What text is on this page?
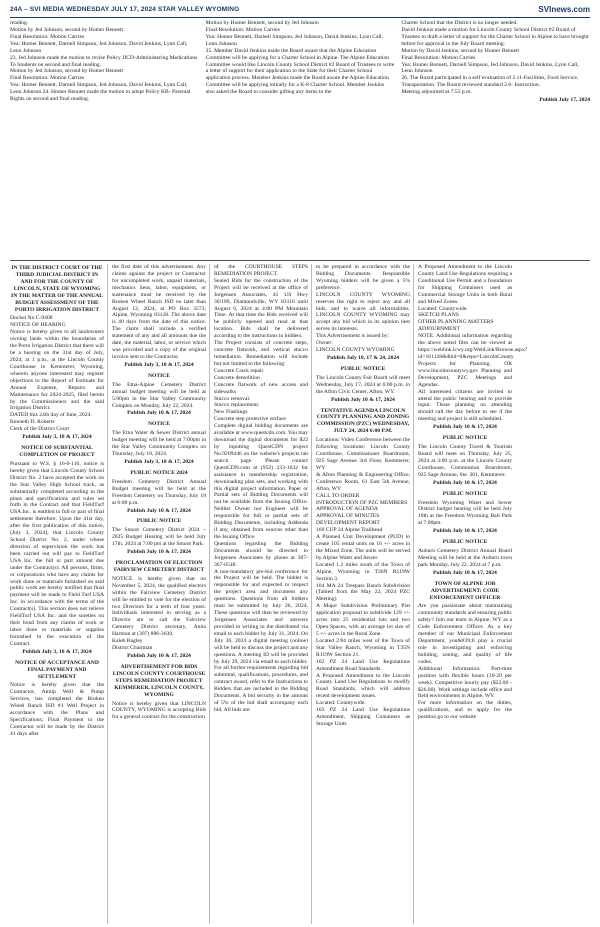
24A – SVI MEDIA WEDNESDAY JULY 17, 2024 STAR VALLEY WYOMING	SVInews.com

reading.

Motion by Jed Johnson, second by Homer Bennett

Final Resolution: Motion Carries

Yea: Homer Bennett, Darnell Simpson, Jed Johnson, David Jenkins, Lynn Call, Lenn Johnson

23. Jed Johnson made the motion to revise Policy JICD-Administering Medications To Students on second and final reading.

Motion by Jed Johnson, second by Homer Bennett

Final Resolution: Motion Carries

Yea: Homer Bennett, Darnell Simpson, Jed Johnson, David Jenkins, Lynn Call, Lenn Johnson 24. Homer Bennett made the motion to adopt Policy KB- Parental Rights on second and final reading.

Motion by Homer Bennett, second by Jed Johnson

Final Resolution: Motion Carries

Yea: Homer Bennett, Darnell Simpson, Jed Johnson, David Jenkins, Lynn Call, Lenn Johnson

25. Member David Jenkins made the Board aware that the Alpine Education Committee will be applying for a Charter School in Alpine. The Alpine Education Committee would like Lincoln County School District #2 Board of Trustees to write a letter of support for their application to the State for their Charter School application process. Member Jenkins made the Board aware the Alpine Education Committee will be applying initially for a K-8 Charter School. Member Jenkins

also asked the Board to consider gifting any items to the

Charter School that the District is no longer needed.

David Jenkins made a motion for Lincoln County School District #2 Board of Trustees to draft a letter of support for the Charter School in Alpine to have brought before for approval in the July Board meeting.

Motion by David Jenkins, second by Homer Bennett

Final Resolution: Motion Carries

Yea: Homer Bennett, Darnell Simpson, Jed Johnson, David Jenkins, Lynn Call, Lenn Johnson

26. The Board participated in a self evaluation of 2.11-Facilities, Food Service, Transportation. The Board reviewed standard 2.6- Instruction.

Meeting adjourned at 7:55 p.m.

Publish July 17, 2024
IN THE DISTRICT COURT OF THE THIRD JUDICIAL DISTRICT IN AND FOR THE COUNTY OF LINCOLN, STATE OF WYOMING IN THE MATTER OF THE ANNUAL BUDGET ASSESSMENT OF THE PORTO IRRIGATION DISTRICT

Docket No C-9408

NOTICE OF HEARING

Notice is hereby given to all landowners owning lands within the boundaries of the Porto Irrigation District that there will be a hearing on the 31st day of July, 2024, at 1 p.m., at the Lincoln County Courthouse in Kemmerer, Wyoming, wherein anyone interested may register objections to the Report of Estimate for Annual Expense, Repairs and Maintenance for 2024-2025, filed herein by the Commissioners and the said Irrigation District.

DATED this 24th day of June, 2024.

Kenneth D. Roberts

Clerk of the District Court

Publish July 3, 10 & 17, 2024
NOTICE OF SUBSTANTIAL COMPLETION OF PROJECT

Pursuant to W.S. § 16-6-116, notice is hereby given that Lincoln County School District No. 2 have accepted the work on the Star Valley High School track, as substantially completed according to the plans and specifications and rules set forth in the Contract and that FieldTurf USA Inc. is entitled to full or part of final settlement therefore. Upon the 41st day, after the first publication of this notice, (July 3, 2024), that Lincoln County School District No. 2, under whose direction of supervision the work has been carried out will pay to FieldTurf USA Inc. the full or part amount due under the Contract(s). All persons, firms, or corporations who have any claims for work done or materials furnished on said public work are hereby notified that final payment will be made to Field Turf USA Inc. in accordance with the terms of the Contract(s). This section does not relieve FieldTurf USA Inc. and the sureties on their bond from any claims of work or labor done or materials or supplies furnished in the execution of the Contract.

Publish July 3, 10 & 17, 2024
NOTICE OF ACCEPTANCE AND FINAL PAYMENT AND SETTLEMENT

Notice is hereby given that the Contractor, Atmip Well & Pump Services, has completed the Broken Wheel Ranch ISD #1 Well Project in accordance with the Plans and Specifications; Final Payment to the Contractor will be made by the District 41 days after

the first date of this advertisement. Any claims against the project or Contractor for uncompleted work, unpaid materials, mechanics liens, labor, equipment, or sustenance must be received by the Broken Wheel Ranch ISD no later than August 12, 2024, at PO Box 3573; Alpine, Wyoming 83128. The above date is 40 days from the date of this notice. The claim shall include a verified statement of any and all amounts due the date, the material, labor, or service which was provided and a copy of the original invoice sent to the Contractor.

Publish July 3, 10 & 17, 2024
NOTICE

The Etna-Alpine Cemetery District annual budget meeting will be held at 5:00pm in the Star Valley Community Complex on Monday, July 22, 2024.

Publish July 10 & 17, 2024
NOTICE

The Etna Water & Sewer District annual budget meeting will be held at 7:00pm in the Star Valley Community Complex on Thursday, July 18, 2024.

Publish July 3, 10 & 17, 2024
PUBLIC NOTICE 2024

Freedom Cemetery District Annual Budget meeting will be held at the Freedom Cemetery on Thursday, July 18 at 6:00 p.m.

Publish July 10 & 17, 2024
PUBLIC NOTICE

The Smoot Cemetery District 2024 – 2025 Budget Hearing will be held July 17th, 2024 at 7:00 pm at the Smoot Park.

Publish July 10 & 17, 2024
PROCLAMATION OF ELECTION FAIRVIEW CEMETERY DISTRICT

NOTICE is hereby given that on November 5, 2024, the qualified electors within the Fairview Cemetery District will be entitled to vote for the election of two Directors for a term of four years. Individuals interested in serving as a Director are to call the Fairview Cemetery District secretary, Anita Harmon at (307) 886-3630.

Kaleb Bagley

District Chairman

Publish July 10 & 17, 2024
ADVERTISEMENT FOR BIDS LINCOLN COUNTY COURTHOUSE STEPS REMEDIATION PROJECT KEMMERER, LINCOLN COUNTY, WYOMING

Notice is hereby given that LINCOLN COUNTY, WYOMING is accepting Bids for a general contract for the construction

of the COURTHOUSE STEPS REMEDIATION PROJECT.

Sealed Bids for the construction of the Project will be received at the office of Jorgensen Associates, 41 US Hwy 30/189, Diamondville, WY 83116 until August 6, 2024 at 4:00 PM Mountain Time. At that time the Bids received will be publicly opened and read at that location. Bids shall be delivered according to the instructions to bidders.

The Project consists of concrete steps, concrete flatwork, and vertical stucco remediation. Remediation will include but not limited to the following:

Concrete Crack repair

Concrete demolition

Concrete flatwork of new access and sidewalks

Stucco removal.

Stucco replacement.

New Flashings

Concrete step protective surface

Complete digital bidding documents are available at www.questcdn.com. You may download the digital documents for $22 by inputting QuestCDN project No.9209446 on the website's projects tab search page. Please contact QuestCDN.com at (952) 233-1632 for assistance in membership registration, downloading plan sets, and working with this digital project information. Paper or Partial sets of Bidding Documents will not be available from the Issuing Office. Neither Owner nor Engineer will be responsible for full or partial sets of Bidding Documents, including Addenda if any, obtained from sources other than the Issuing Office.

Questions regarding the Bidding Documents should be directed to Jorgensen Associates by phone at 307-367-6548.

A non-mandatory pre-bid conference for the Project will be held. The bidder is responsible for and expected to inspect the project area and document any questions. Questions from all bidders must be submitted by July 26, 2024. These questions will then be reviewed by Jorgensen Associates and answers provided in writing to the distributed via email to each bidder by July 31, 2024. On July 30, 2024 a digital meeting (online) will be held to discuss the project and any questions. A meeting ID will be provided by July 29, 2024 via email to each bidder.

For all further requirements regarding bid submittal, qualifications, procedures, and contract award, refer to the Instructions to Bidders that are included in the Bidding Documents. A bid security in the amount of 5% of the bid shall accompany each bid. All bids are

to be prepared in accordance with the Bidding Documents. Responsible Wyoming bidders will be given a 5% preference.

LINCOLN COUNTY WYOMING reserves the right to reject any and all bids, and to waive all informalities. LINCOLN COUNTY WYOMING may accept any bid which in its opinion best serves its interests.

This Advertisement is issued by:

Owner:

LINCOLN COUNTY WYOMING

Publish July 10, 17 & 24, 2024
PUBLIC NOTICE

The Lincoln County Fair Board will meet Wednesday, July 17, 2024 at 6:00 p.m. in the Afton Civic Center, Afton, WY.

Publish July 10 & 17, 2024
TENTATIVE AGENDA LINCOLN COUNTY PLANNING AND ZONING COMMISSION (PZC) WEDNESDAY, JULY 24, 2024 6:00 P.M.

Locations: Video Conference between the following locations: Lincoln County Courthouse, Commissioner Boardroom, 925 Sage Avenue 3rd Floor, Kemmerer, WY

& Afton Planning & Engineering Office, Conference Room, 61 East 5th Avenue, Afton, WY

CALL TO ORDER

INTRODUCTION OF PZC MEMBERS

APPROVAL OF AGENDA

APPROVAL OF MINUTES

DEVELOPMENT REPORT

160 CUP 24 Alpine Trailhead

A Planned Unit Development (PUD) to create 105 rental units on 16 +/- acres in the Mixed Zone. The units will be served by Alpine Water and Sewer.

Located 1.2 miles south of the Town of Alpine, Wyoming in T36N R119W Section 3.

104 MA 24 Trespass Ranch Subdivision (Tabled from the May 22, 2024 PZC Meeting)

A Major Subdivision Preliminary Plat application proposal to subdivide 129 +/- acres into 25 residential lots and two Open Spaces, with an average lot size of 5 +/- acres in the Rural Zone.

Located 2.84 miles west of the Town of Star Valley Ranch, Wyoming in T35N R119W Section 21.

102 PZ 24 Land Use Regulations Amendment Road Standards

A Proposed Amendment to the Lincoln County Land Use Regulations to modify Road Standards, which will address recent development issues.

Located: Countywide.

103 PZ 24 Land Use Regulations Amendment, Shipping Containers as Storage Units

A Proposed Amendment to the Lincoln County Land Use Regulations requiring a Conditional Use Permit and a foundation for Shipping Containers used as Commercial Storage Units in both Rural and Mixed Zones.

Located: Countywide.

SKETCH PLANS

OTHER PLANNING MATTERS

ADJOURNMENT

NOTE: Additional information regarding the above noted files can be viewed at https://weblink.lcwy.org/WebLink/Browse.aspx?id=161128&dbid=0&repo=LincolnCounty

Projects for Planning, OR www.lincolncountywy.gov Planning and Development, PZC Meetings and Agendas.

All interested citizens are invited to attend the public hearing and to provide input. Those planning on attending should call the day before to see if the meeting and project is still scheduled.

Publish July 10 & 17, 2024
PUBLIC NOTICE

The Lincoln County Travel & Tourism Board will meet on Thursday, July 25, 2024 at 3:00 p.m. at the Lincoln County Courthouse, Commission Boardroom, 925 Sage Avenue, Ste. 301, Kemmerer.

Publish July 10 & 17, 2024
PUBLIC NOTICE

Freedom Wyoming Water and Sewer District budget hearing will be held July 18th at the Freedom Wyoming Ball Park at 7:00pm.

Publish July 10 & 17, 2024
PUBLIC NOTICE

Auburn Cemetery District Annual Board Meeting will be held at the Auburn town park Monday, July 22, 2024 at 7 p.m.

Publish July 10 & 17, 2024
TOWN OF ALPINE JOB ADVERTISEMENT: CODE ENFORCEMENT OFFICER

Are you passionate about maintaining community standards and ensuring public safety? Join our team in Alpine, WY as a Code Enforcement Officer. As a key member of our Municipal Enforcement Department, you&#39;ll play a crucial role in investigating and enforcing building, zoning, and quality of life codes.

Additional Information: Part-time position with flexible hours (10-20 per week). Competitive hourly pay ($22.00 - $26.00). Work settings include office and field environments in Alpine, WY.

For more information on the duties, qualifications, and to apply for the position go to our website
